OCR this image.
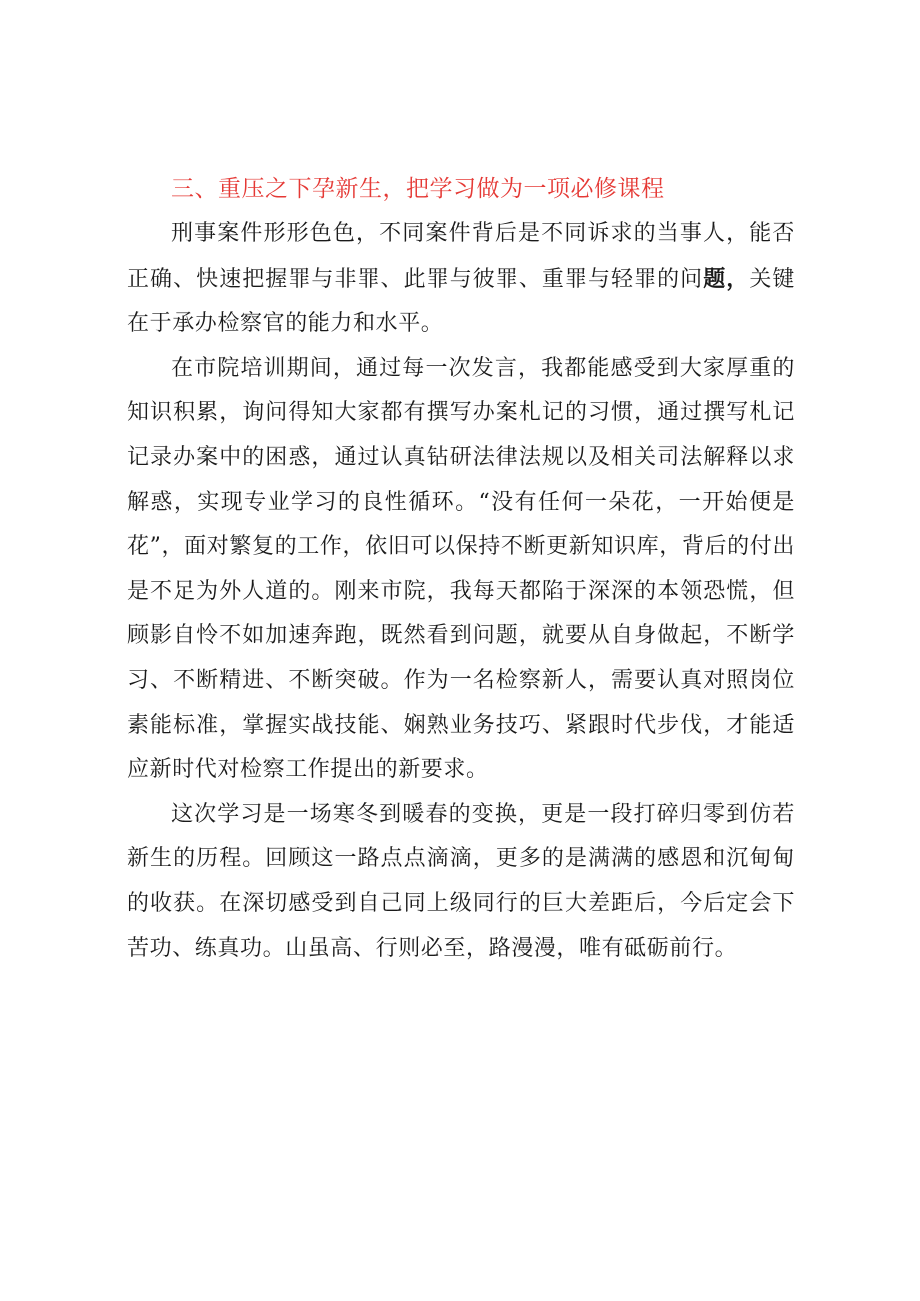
三、重压之下孕新生，把学习做为一项必修课程

刑事案件形形色色，不同案件背后是不同诉求的当事人，能否正确、快速把握罪与非罪、此罪与彼罪、重罪与轻罪的问题，关键在于承办检察官的能力和水平。

在市院培训期间，通过每一次发言，我都能感受到大家厚重的知识积累，询问得知大家都有撰写办案札记的习惯，通过撰写札记记录办案中的困惑，通过认真钻研法律法规以及相关司法解释以求解惑，实现专业学习的良性循环。“没有任何一朵花，一开始便是花”，面对繁复的工作，依旧可以保持不断更新知识库，背后的付出是不足为外人道的。刚来市院，我每天都陷于深深的本领恐慌，但顾影自怜不如加速奔跑，既然看到问题，就要从自身做起，不断学习、不断精进、不断突破。作为一名检察新人，需要认真对照岗位素能标准，掌握实战技能、娴熟业务技巧、紧跟时代步伐，才能适应新时代对检察工作提出的新要求。

这次学习是一场寒冬到暖春的变换，更是一段打碎归零到仿若新生的历程。回顾这一路点点滴滴，更多的是满满的感恩和沉甸甸的收获。在深切感受到自己同上级同行的巨大差距后，今后定会下苦功、练真功。山虽高、行则必至，路漫漫，唯有砥砺前行。
